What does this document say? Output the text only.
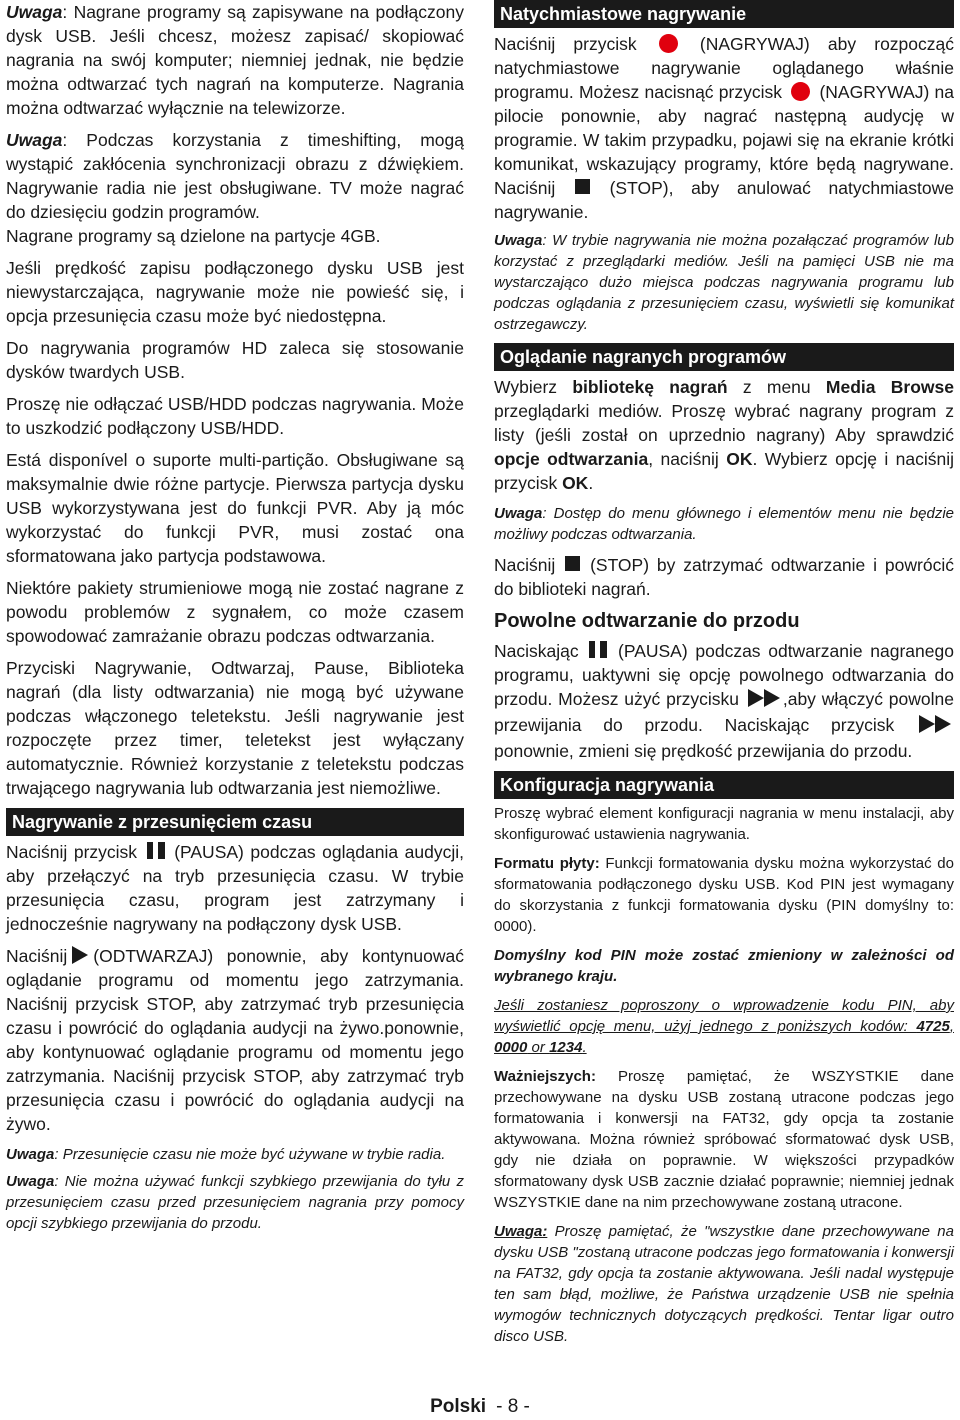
Uwaga: Nagrane programy są zapisywane na podłączony dysk USB. Jeśli chcesz, możesz zapisać/ skopiować nagrania na swój komputer; niemniej jednak, nie będzie można odtwarzać tych nagrań na komputerze. Nagrania można odtwarzać wyłącznie na telewizorze.

Uwaga: Podczas korzystania z timeshifting, mogą wystąpić zakłócenia synchronizacji obrazu z dźwiękiem. Nagrywanie radia nie jest obsługiwane. TV może nagrać do dziesięciu godzin programów.

Nagrane programy są dzielone na partycje 4GB.

Jeśli prędkość zapisu podłączonego dysku USB jest niewystarczająca, nagrywanie może nie powieść się, i opcja przesunięcia czasu może być niedostępna.

Do nagrywania programów HD zaleca się stosowanie dysków twardych USB.

Proszę nie odłączać USB/HDD podczas nagrywania. Może to uszkodzić podłączony USB/HDD.

Está disponível o suporte multi-partição. Obsługiwane są maksymalnie dwie różne partycje. Pierwsza partycja dysku USB wykorzystywana jest do funkcji PVR. Aby ją móc wykorzystać do funkcji PVR, musi zostać ona sformatowana jako partycja podstawowa.

Niektóre pakiety strumieniowe mogą nie zostać nagrane z powodu problemów z sygnałem, co może czasem spowodować zamrażanie obrazu podczas odtwarzania.

Przyciski Nagrywanie, Odtwarzaj, Pause, Biblioteka nagrań (dla listy odtwarzania) nie mogą być używane podczas włączonego teletekstu. Jeśli nagrywanie jest rozpoczęte przez timer, teletekst jest wyłączany automatycznie. Również korzystanie z teletekstu podczas trwającego nagrywania lub odtwarzania jest niemożliwe.

Nagrywanie z przesunięciem czasu

Naciśnij przycisk (PAUSA) podczas oglądania audycji, aby przełączyć na tryb przesunięcia czasu. W trybie przesunięcia czasu, program jest zatrzymany i jednocześnie nagrywany na podłączony dysk USB.

Naciśnij (ODTWARZAJ) ponownie, aby kontynuować oglądanie programu od momentu jego zatrzymania. Naciśnij przycisk STOP, aby zatrzymać tryb przesunięcia czasu i powrócić do oglądania audycji na żywo.ponownie, aby kontynuować oglądanie programu od momentu jego zatrzymania. Naciśnij przycisk STOP, aby zatrzymać tryb przesunięcia czasu i powrócić do oglądania audycji na żywo.

Uwaga: Przesunięcie czasu nie może być używane w trybie radia.

Uwaga: Nie można używać funkcji szybkiego przewijania do tyłu z przesunięciem czasu przed przesunięciem nagrania przy pomocy opcji szybkiego przewijania do przodu.

Natychmiastowe nagrywanie

Naciśnij przycisk	(NAGRYWAJ) aby rozpocząć natychmiastowe nagrywanie oglądanego właśnie programu. Możesz nacisnąć przycisk (NAGRYWAJ) na pilocie ponownie, aby nagrać następną audycję w programie. W takim przypadku, pojawi się na ekranie krótki komunikat, wskazujący programy, które będą nagrywane. Naciśnij	(STOP), aby anulować natychmiastowe nagrywanie.

Uwaga: W trybie nagrywania nie można pozałączać programów lub korzystać z przeglądarki mediów. Jeśli na pamięci USB nie ma wystarczająco dużo miejsca podczas nagrywania programu lub podczas oglądania z przesunięciem czasu, wyświetli się komunikat ostrzegawczy.

Oglądanie nagranych programów

Wybierz bibliotekę nagrań z menu Media Browse przeglądarki mediów. Proszę wybrać nagrany program z listy (jeśli został on uprzednio nagrany) Aby sprawdzić opcje odtwarzania, naciśnij OK. Wybierz opcję i naciśnij przycisk OK.

Uwaga: Dostęp do menu głównego i elementów menu nie będzie możliwy podczas odtwarzania.

Naciśnij (STOP) by zatrzymać odtwarzanie i powrócić do biblioteki nagrań.

Powolne odtwarzanie do przodu

Naciskając (PAUSA) podczas odtwarzanie nagranego programu, uaktywni się opcję powolnego odtwarzania do przodu. Możesz użyć przycisku	,aby włączyć powolne przewijania do przodu. Naciskając przycisk  ponownie, zmieni się prędkość przewijania do przodu.

Konfiguracja nagrywania

Proszę wybrać element konfiguracji nagrania w menu instalacji, aby skonfigurować ustawienia nagrywania.

Formatu płyty: Funkcji formatowania dysku można wykorzystać do sformatowania podłączonego dysku USB. Kod PIN jest wymagany do skorzystania z funkcji formatowania dysku (PIN domyślny to: 0000).

Domyślny kod PIN może zostać zmieniony w zależności od wybranego kraju.

Jeśli zostaniesz poproszony o wprowadzenie kodu PIN, aby wyświetlić opcję menu, użyj jednego z poniższych kodów: 4725, 0000 or 1234.

Ważniejszych: Proszę pamiętać, że WSZYSTKIE dane przechowywane na dysku USB zostaną utracone podczas jego formatowania i konwersji na FAT32, gdy opcja ta zostanie aktywowana. Można również spróbować sformatować dysk USB, gdy nie działa on poprawnie. W większości przypadków sformatowany dysk USB zacznie działać poprawnie; niemniej jednak WSZYSTKIE dane na nim przechowywane zostaną utracone.

Uwaga: Proszę pamiętać, że "wszystkıe dane przechowywane na dysku USB "zostaną utracone podczas jego formatowania i konwersji na FAT32, gdy opcja ta zostanie aktywowana. Jeśli nadal występuje ten sam błąd, możliwe, że Państwa urządzenie USB nie spełnia wymogów technicznych dotyczących prędkości. Tentar ligar outro disco USB.

Polski - 8 -
